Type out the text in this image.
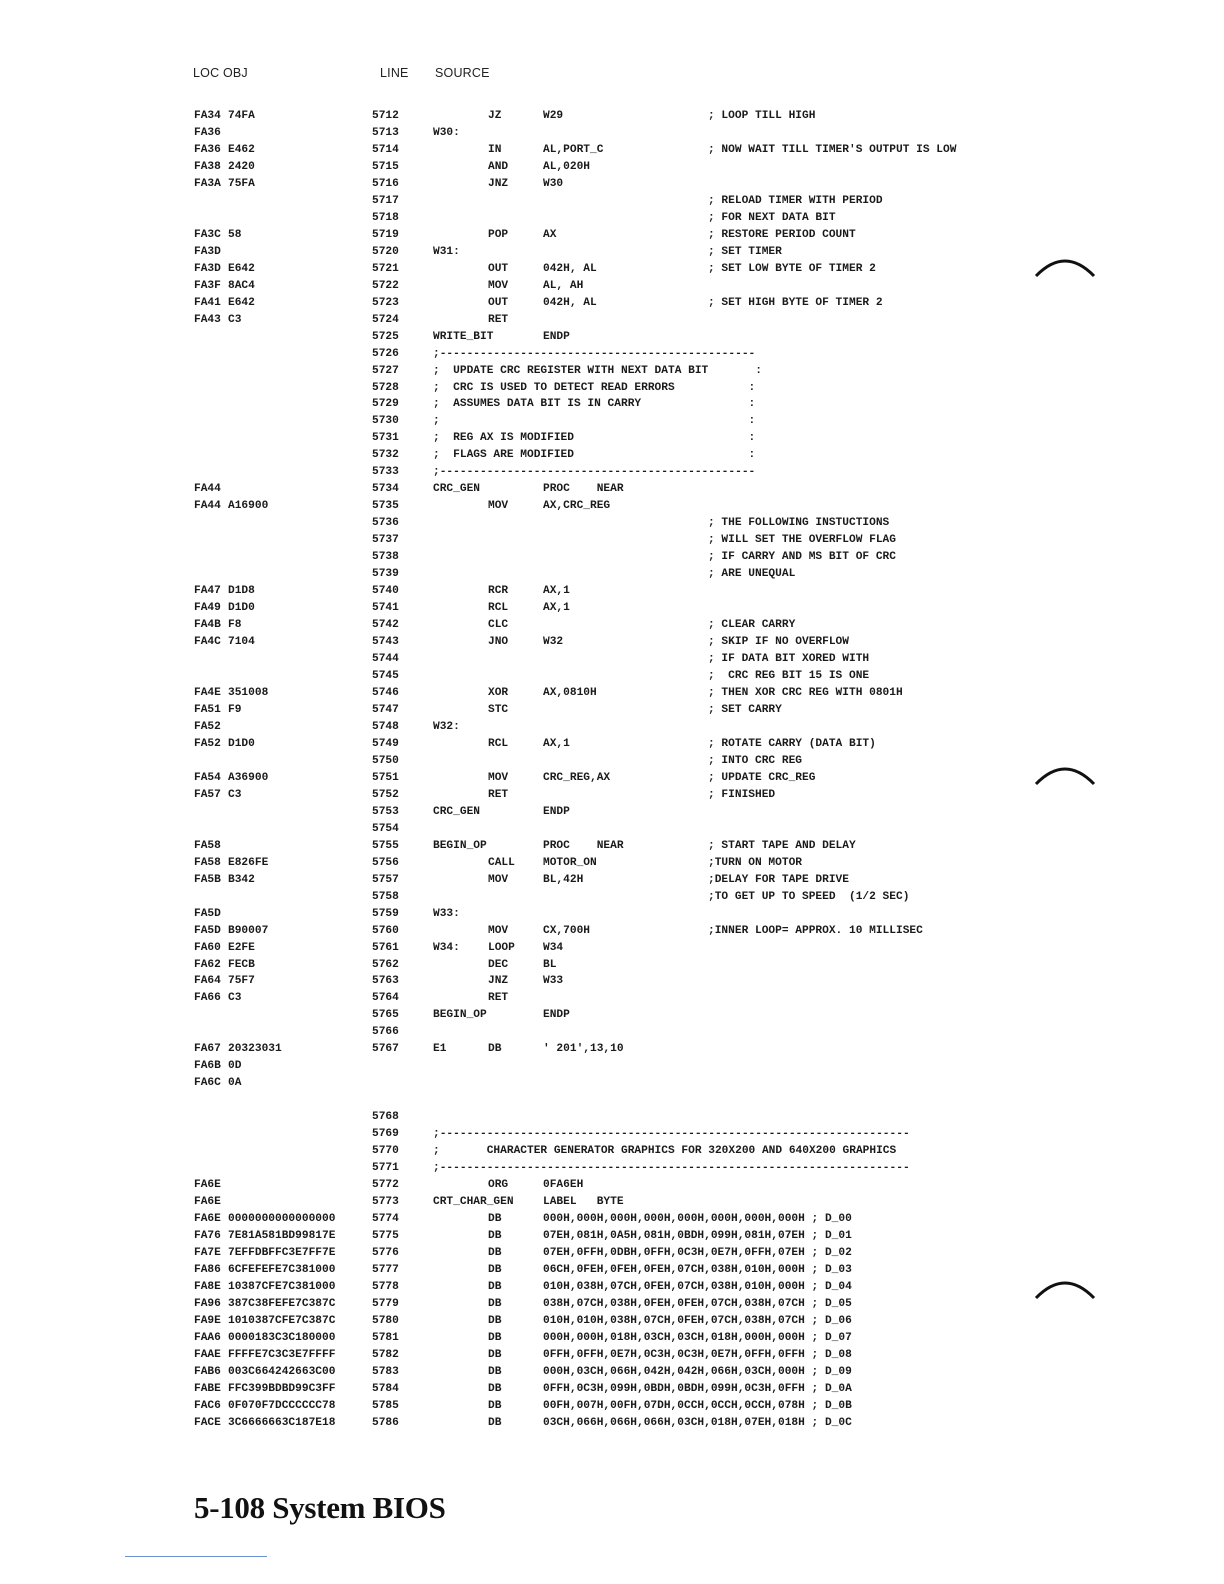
LOC OBJ	LINE SOURCE
FA34 74FA	5712	JZ	W29	; LOOP TILL HIGH
FA36	5713	W30:
FA36 E462	5714	IN	AL,PORT_C	; NOW WAIT TILL TIMER'S OUTPUT IS LOW
FA38 2420	5715	AND	AL,020H
FA3A 75FA	5716	JNZ	W30
5717	; RELOAD TIMER WITH PERIOD
5718	; FOR NEXT DATA BIT
FA3C 58	5719	POP	AX	; RESTORE PERIOD COUNT
FA3D	5720	W31:	; SET TIMER
FA3D E642	5721	OUT	042H, AL	; SET LOW BYTE OF TIMER 2
FA3F 8AC4	5722	MOV	AL, AH
FA41 E642	5723	OUT	042H, AL	; SET HIGH BYTE OF TIMER 2
FA43 C3	5724	RET
5725	WRITE_BIT	ENDP
5726	;-----------------------------------------------
5727	;  UPDATE CRC REGISTER WITH NEXT DATA BIT       :
5728	;  CRC IS USED TO DETECT READ ERRORS           :
5729	;  ASSUMES DATA BIT IS IN CARRY                :
5730	;                                              :
5731	;  REG AX IS MODIFIED                          :
5732	;  FLAGS ARE MODIFIED                          :
5733	;-----------------------------------------------
FA44	5734	CRC_GEN	PROC    NEAR
FA44 A16900	5735	MOV	AX,CRC_REG
5736	; THE FOLLOWING INSTUCTIONS
5737	; WILL SET THE OVERFLOW FLAG
5738	; IF CARRY AND MS BIT OF CRC
5739	; ARE UNEQUAL
FA47 D1D8	5740	RCR	AX,1
FA49 D1D0	5741	RCL	AX,1
FA4B F8	5742	CLC	; CLEAR CARRY
FA4C 7104	5743	JNO	W32	; SKIP IF NO OVERFLOW
5744	; IF DATA BIT XORED WITH
5745	;  CRC REG BIT 15 IS ONE
FA4E 351008	5746	XOR	AX,0810H	; THEN XOR CRC REG WITH 0801H
FA51 F9	5747	STC	; SET CARRY
FA52	5748	W32:
FA52 D1D0	5749	RCL	AX,1	; ROTATE CARRY (DATA BIT)
5750	; INTO CRC REG
FA54 A36900	5751	MOV	CRC_REG,AX	; UPDATE CRC_REG
FA57 C3	5752	RET	; FINISHED
5753	CRC_GEN	ENDP
5754
FA58	5755	BEGIN_OP	PROC    NEAR	; START TAPE AND DELAY
FA58 E826FE	5756	CALL	MOTOR_ON	;TURN ON MOTOR
FA5B B342	5757	MOV	BL,42H	;DELAY FOR TAPE DRIVE
5758	;TO GET UP TO SPEED  (1/2 SEC)
FA5D	5759	W33:
FA5D B90007	5760	MOV	CX,700H	;INNER LOOP= APPROX. 10 MILLISEC
FA60 E2FE	5761	W34:	LOOP	W34
FA62 FECB	5762	DEC	BL
FA64 75F7	5763	JNZ	W33
FA66 C3	5764	RET
5765	BEGIN_OP	ENDP
5766
FA67 20323031	5767	E1	DB	' 201',13,10
FA6B 0D
FA6C 0A
5768
5769	;----------------------------------------------------------------------
5770	;       CHARACTER GENERATOR GRAPHICS FOR 320X200 AND 640X200 GRAPHICS
5771	;----------------------------------------------------------------------
FA6E	5772	ORG	0FA6EH
FA6E	5773	CRT_CHAR_GEN	LABEL   BYTE
FA6E 0000000000000000	5774	DB	000H,000H,000H,000H,000H,000H,000H,000H ; D_00
FA76 7E81A581BD99817E	5775	DB	07EH,081H,0A5H,081H,0BDH,099H,081H,07EH ; D_01
FA7E 7EFFDBFFC3E7FF7E	5776	DB	07EH,0FFH,0DBH,0FFH,0C3H,0E7H,0FFH,07EH ; D_02
FA86 6CFEFEFE7C381000	5777	DB	06CH,0FEH,0FEH,0FEH,07CH,038H,010H,000H ; D_03
FA8E 10387CFE7C381000	5778	DB	010H,038H,07CH,0FEH,07CH,038H,010H,000H ; D_04
FA96 387C38FEFE7C387C	5779	DB	038H,07CH,038H,0FEH,0FEH,07CH,038H,07CH ; D_05
FA9E 1010387CFE7C387C	5780	DB	010H,010H,038H,07CH,0FEH,07CH,038H,07CH ; D_06
FAA6 0000183C3C180000	5781	DB	000H,000H,018H,03CH,03CH,018H,000H,000H ; D_07
FAAE FFFFE7C3C3E7FFFF	5782	DB	0FFH,0FFH,0E7H,0C3H,0C3H,0E7H,0FFH,0FFH ; D_08
FAB6 003C664242663C00	5783	DB	000H,03CH,066H,042H,042H,066H,03CH,000H ; D_09
FABE FFC399BDBD99C3FF	5784	DB	0FFH,0C3H,099H,0BDH,0BDH,099H,0C3H,0FFH ; D_0A
FAC6 0F070F7DCCCCCC78	5785	DB	00FH,007H,00FH,07DH,0CCH,0CCH,0CCH,078H ; D_0B
FACE 3C6666663C187E18	5786	DB	03CH,066H,066H,066H,03CH,018H,07EH,018H ; D_0C
5-108 System BIOS
